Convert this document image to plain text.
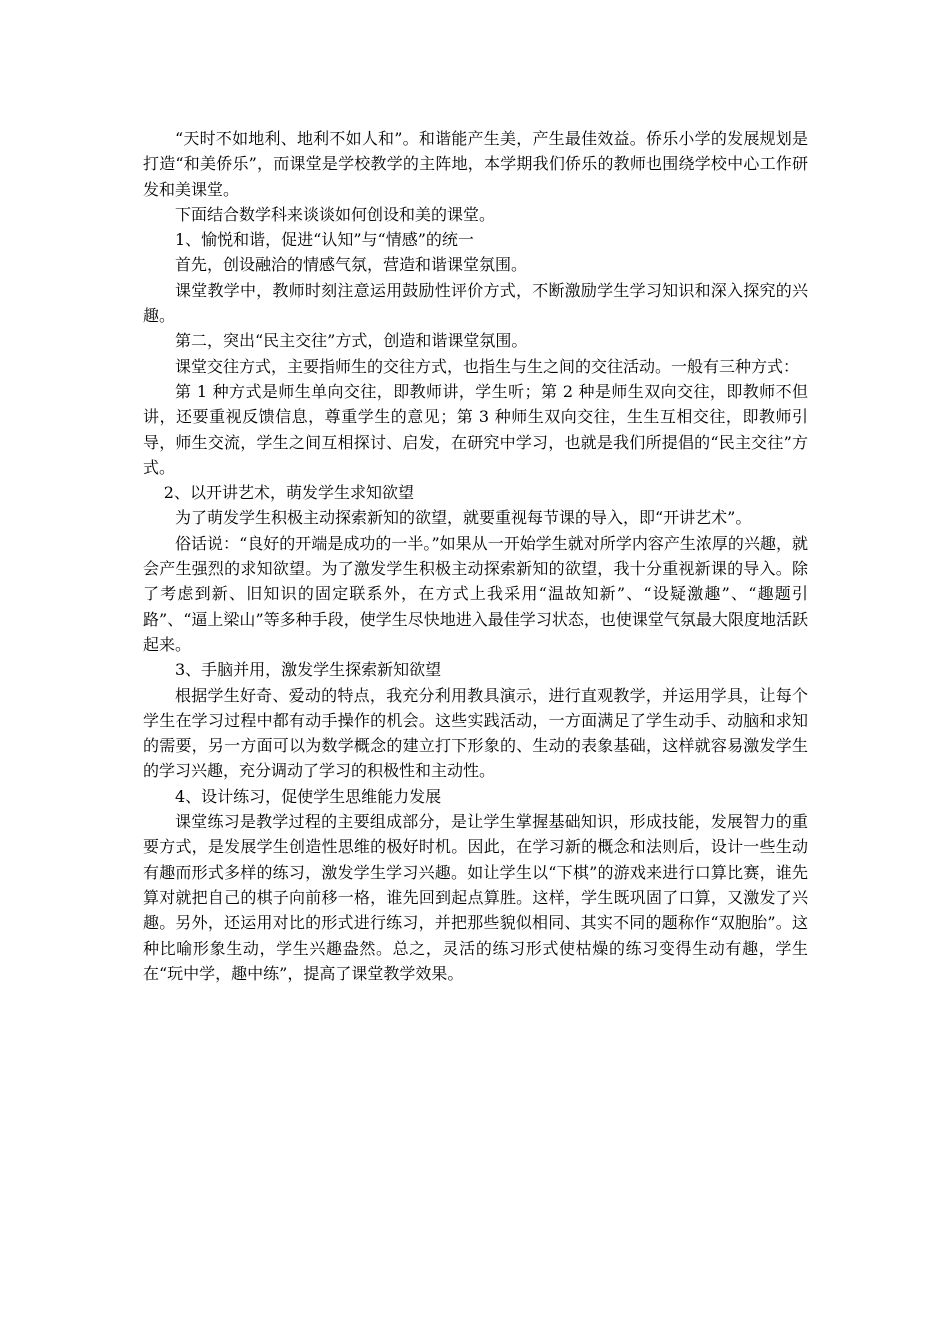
“天时不如地利、地利不如人和”。和谐能产生美，产生最佳效益。侨乐小学的发展规划是打造“和美侨乐”，而课堂是学校教学的主阵地，本学期我们侨乐的教师也围绕学校中心工作研发和美课堂。

下面结合数学科来谈谈如何创设和美的课堂。

1、愉悦和谐，促进“认知”与“情感”的统一

首先，创设融洽的情感气氛，营造和谐课堂氛围。

课堂教学中，教师时刻注意运用鼓励性评价方式，不断激励学生学习知识和深入探究的兴趣。

第二，突出“民主交往”方式，创造和谐课堂氛围。

课堂交往方式，主要指师生的交往方式，也指生与生之间的交往活动。一般有三种方式：

第 1 种方式是师生单向交往，即教师讲，学生听；第 2 种是师生双向交往，即教师不但讲，还要重视反馈信息，尊重学生的意见；第 3 种师生双向交往，生生互相交往，即教师引导，师生交流，学生之间互相探讨、启发，在研究中学习，也就是我们所提倡的“民主交往”方式。

2、以开讲艺术，萌发学生求知欲望

为了萌发学生积极主动探索新知的欲望，就要重视每节课的导入，即“开讲艺术”。

俗话说：“良好的开端是成功的一半。”如果从一开始学生就对所学内容产生浓厚的兴趣，就会产生强烈的求知欲望。为了激发学生积极主动探索新知的欲望，我十分重视新课的导入。除了考虑到新、旧知识的固定联系外，在方式上我采用“温故知新”、“设疑激趣”、“趣题引路”、“逼上梁山”等多种手段，使学生尽快地进入最佳学习状态，也使课堂气氛最大限度地活跃起来。

3、手脑并用，激发学生探索新知欲望

根据学生好奇、爱动的特点，我充分利用教具演示，进行直观教学，并运用学具，让每个学生在学习过程中都有动手操作的机会。这些实践活动，一方面满足了学生动手、动脑和求知的需要，另一方面可以为数学概念的建立打下形象的、生动的表象基础，这样就容易激发学生的学习兴趣，充分调动了学习的积极性和主动性。

4、设计练习，促使学生思维能力发展

课堂练习是教学过程的主要组成部分，是让学生掌握基础知识，形成技能，发展智力的重要方式，是发展学生创造性思维的极好时机。因此，在学习新的概念和法则后，设计一些生动有趣而形式多样的练习，激发学生学习兴趣。如让学生以“下棋”的游戏来进行口算比赛，谁先算对就把自己的棋子向前移一格，谁先回到起点算胜。这样，学生既巩固了口算，又激发了兴趣。另外，还运用对比的形式进行练习，并把那些貌似相同、其实不同的题称作“双胞胎”。这种比喻形象生动，学生兴趣盎然。总之，灵活的练习形式使枯燥的练习变得生动有趣，学生在“玩中学，趣中练”，提高了课堂教学效果。
